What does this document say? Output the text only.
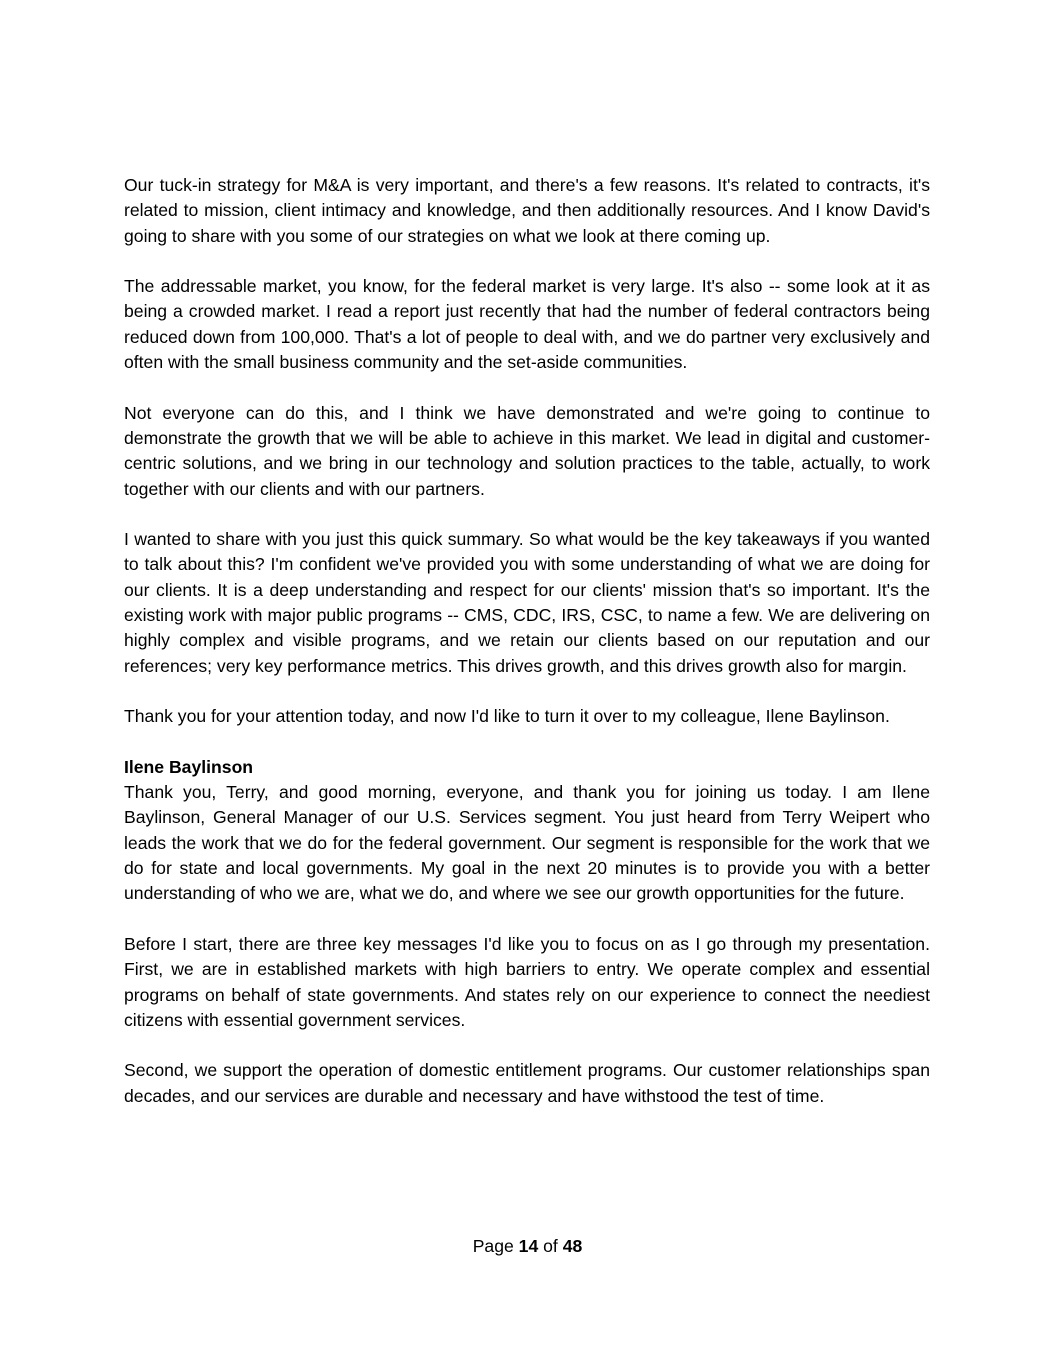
Our tuck-in strategy for M&A is very important, and there's a few reasons. It's related to contracts, it's related to mission, client intimacy and knowledge, and then additionally resources. And I know David's going to share with you some of our strategies on what we look at there coming up.

The addressable market, you know, for the federal market is very large. It's also -- some look at it as being a crowded market. I read a report just recently that had the number of federal contractors being reduced down from 100,000. That's a lot of people to deal with, and we do partner very exclusively and often with the small business community and the set-aside communities.

Not everyone can do this, and I think we have demonstrated and we're going to continue to demonstrate the growth that we will be able to achieve in this market. We lead in digital and customer-centric solutions, and we bring in our technology and solution practices to the table, actually, to work together with our clients and with our partners.

I wanted to share with you just this quick summary. So what would be the key takeaways if you wanted to talk about this? I'm confident we've provided you with some understanding of what we are doing for our clients. It is a deep understanding and respect for our clients' mission that's so important. It's the existing work with major public programs -- CMS, CDC, IRS, CSC, to name a few. We are delivering on highly complex and visible programs, and we retain our clients based on our reputation and our references; very key performance metrics. This drives growth, and this drives growth also for margin.

Thank you for your attention today, and now I'd like to turn it over to my colleague, Ilene Baylinson.

Ilene Baylinson

Thank you, Terry, and good morning, everyone, and thank you for joining us today. I am Ilene Baylinson, General Manager of our U.S. Services segment. You just heard from Terry Weipert who leads the work that we do for the federal government. Our segment is responsible for the work that we do for state and local governments. My goal in the next 20 minutes is to provide you with a better understanding of who we are, what we do, and where we see our growth opportunities for the future.

Before I start, there are three key messages I'd like you to focus on as I go through my presentation. First, we are in established markets with high barriers to entry. We operate complex and essential programs on behalf of state governments. And states rely on our experience to connect the neediest citizens with essential government services.

Second, we support the operation of domestic entitlement programs. Our customer relationships span decades, and our services are durable and necessary and have withstood the test of time.

Page 14 of 48
